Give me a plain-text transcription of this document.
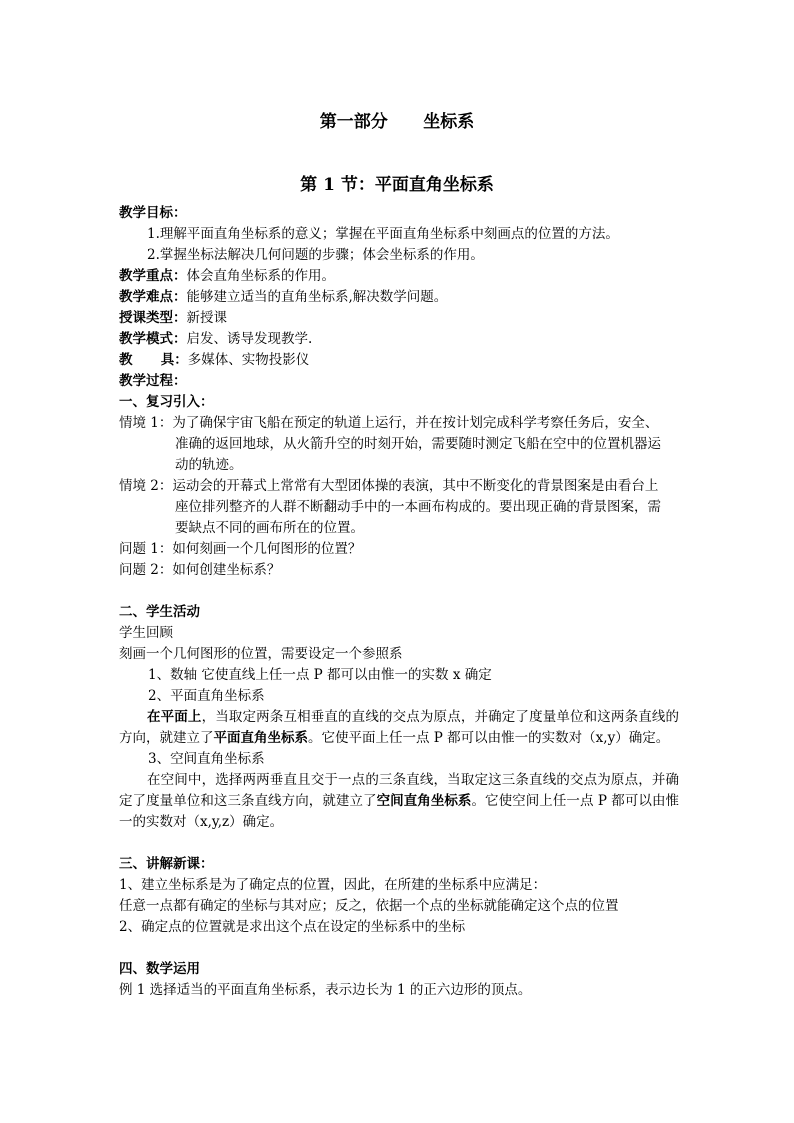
第一部分      坐标系
第 1 节：平面直角坐标系
教学目标：
1.理解平面直角坐标系的意义；掌握在平面直角坐标系中刻画点的位置的方法。
2.掌握坐标法解决几何问题的步骤；体会坐标系的作用。
教学重点：体会直角坐标系的作用。
教学难点：能够建立适当的直角坐标系,解决数学问题。
授课类型：新授课
教学模式：启发、诱导发现教学.
教      具：多媒体、实物投影仪
教学过程：
一、复习引入：
情境 1：为了确保宇宙飞船在预定的轨道上运行，并在按计划完成科学考察任务后，安全、
准确的返回地球，从火箭升空的时刻开始，需要随时测定飞船在空中的位置机器运
动的轨迹。
情境 2：运动会的开幕式上常常有大型团体操的表演，其中不断变化的背景图案是由看台上
座位排列整齐的人群不断翻动手中的一本画布构成的。要出现正确的背景图案，需
要缺点不同的画布所在的位置。
问题 1：如何刻画一个几何图形的位置？
问题 2：如何创建坐标系？
二、学生活动
学生回顾
刻画一个几何图形的位置，需要设定一个参照系
1、数轴 它使直线上任一点 P 都可以由惟一的实数 x 确定
2、平面直角坐标系
在平面上，当取定两条互相垂直的直线的交点为原点，并确定了度量单位和这两条直线的方向，就建立了平面直角坐标系。它使平面上任一点 P 都可以由惟一的实数对（x,y）确定。
3、空间直角坐标系
在空间中，选择两两垂直且交于一点的三条直线，当取定这三条直线的交点为原点，并确定了度量单位和这三条直线方向，就建立了空间直角坐标系。它使空间上任一点 P 都可以由惟一的实数对（x,y,z）确定。
三、讲解新课：
1、建立坐标系是为了确定点的位置，因此，在所建的坐标系中应满足：
任意一点都有确定的坐标与其对应；反之，依据一个点的坐标就能确定这个点的位置
2、确定点的位置就是求出这个点在设定的坐标系中的坐标
四、数学运用
例 1 选择适当的平面直角坐标系，表示边长为 1 的正六边形的顶点。
